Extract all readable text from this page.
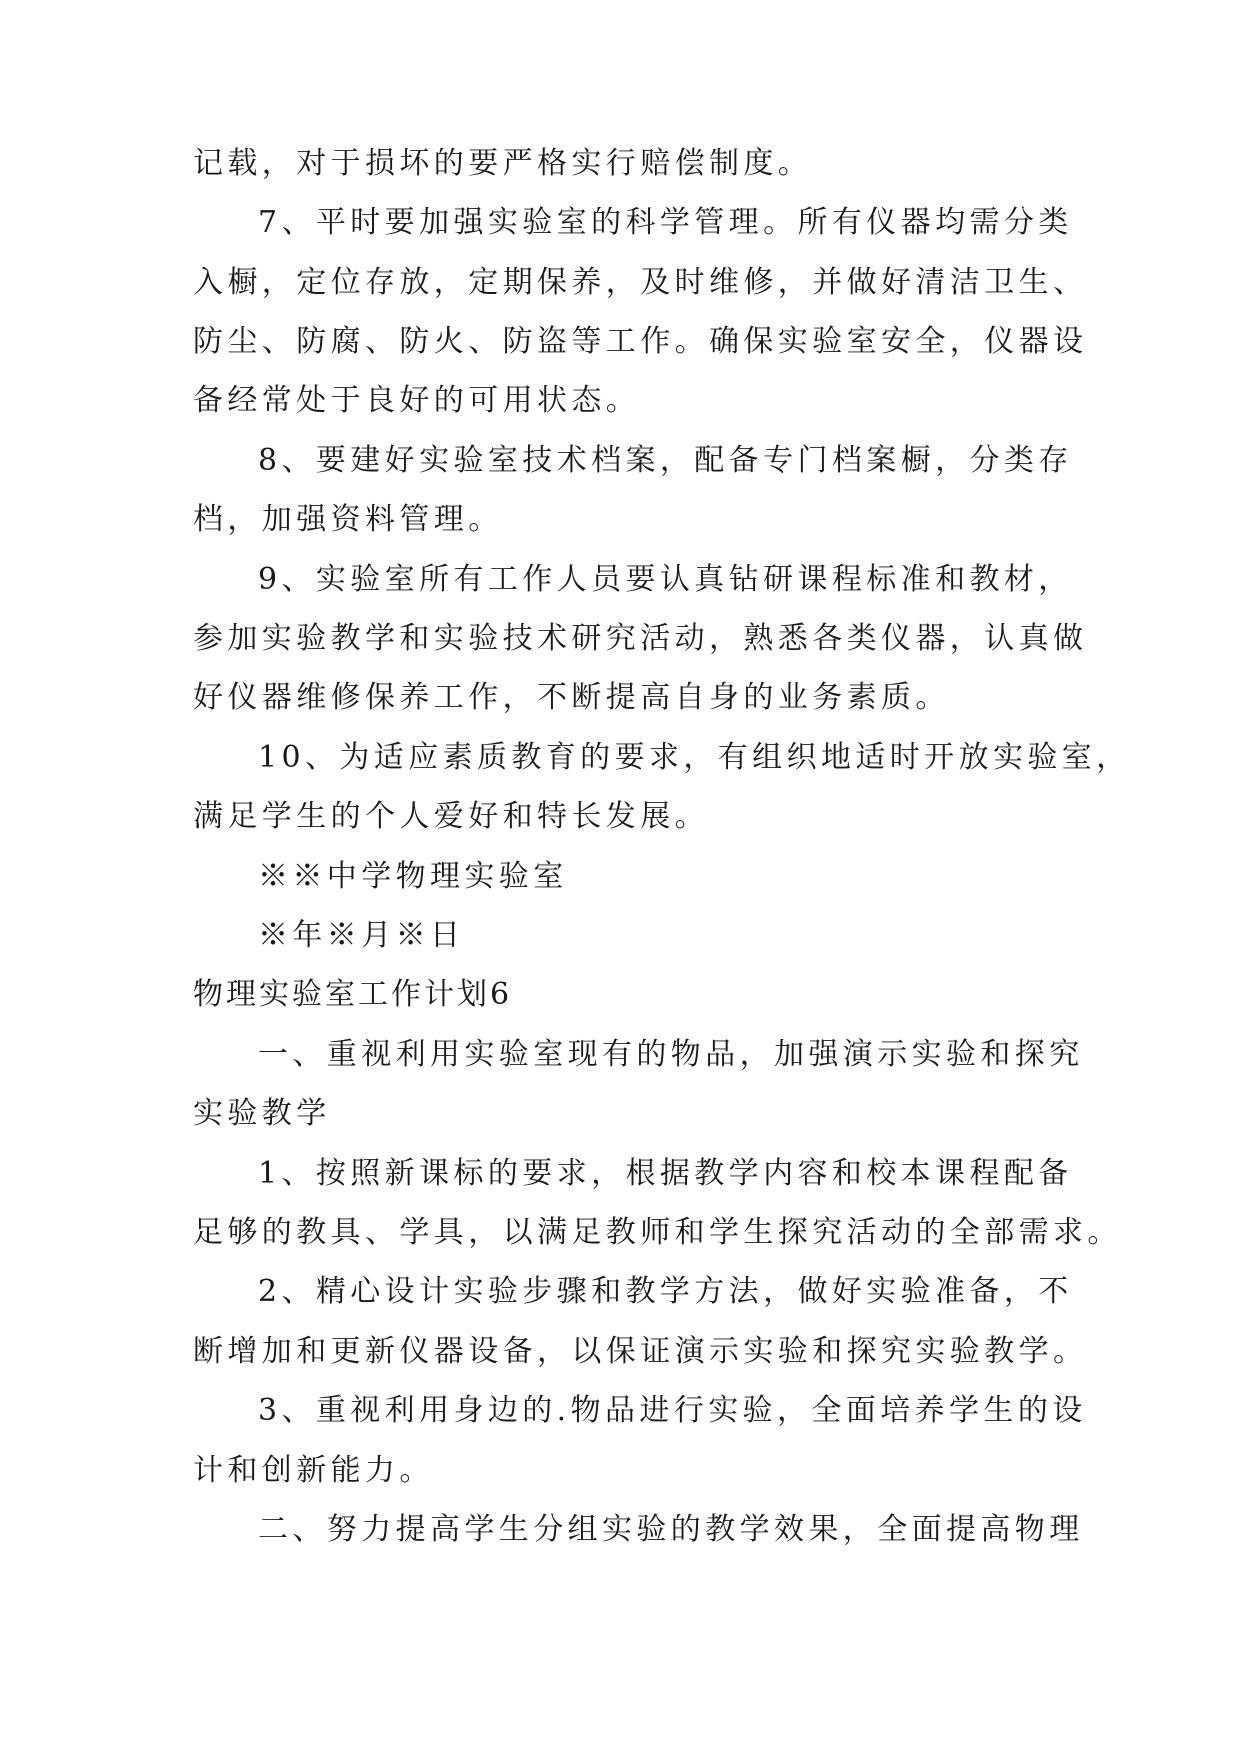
记载，对于损坏的要严格实行赔偿制度。

7、平时要加强实验室的科学管理。所有仪器均需分类

入橱，定位存放，定期保养，及时维修，并做好清洁卫生、

防尘、防腐、防火、防盗等工作。确保实验室安全，仪器设

备经常处于良好的可用状态。

8、要建好实验室技术档案，配备专门档案橱，分类存

档，加强资料管理。

9、实验室所有工作人员要认真钻研课程标准和教材，

参加实验教学和实验技术研究活动，熟悉各类仪器，认真做

好仪器维修保养工作，不断提高自身的业务素质。

10、为适应素质教育的要求，有组织地适时开放实验室，

满足学生的个人爱好和特长发展。

※※中学物理实验室

※年※月※日

物理实验室工作计划6

一、重视利用实验室现有的物品，加强演示实验和探究

实验教学

1、按照新课标的要求，根据教学内容和校本课程配备

足够的教具、学具，以满足教师和学生探究活动的全部需求。

2、精心设计实验步骤和教学方法，做好实验准备，不

断增加和更新仪器设备，以保证演示实验和探究实验教学。

3、重视利用身边的.物品进行实验，全面培养学生的设

计和创新能力。

二、努力提高学生分组实验的教学效果，全面提高物理
